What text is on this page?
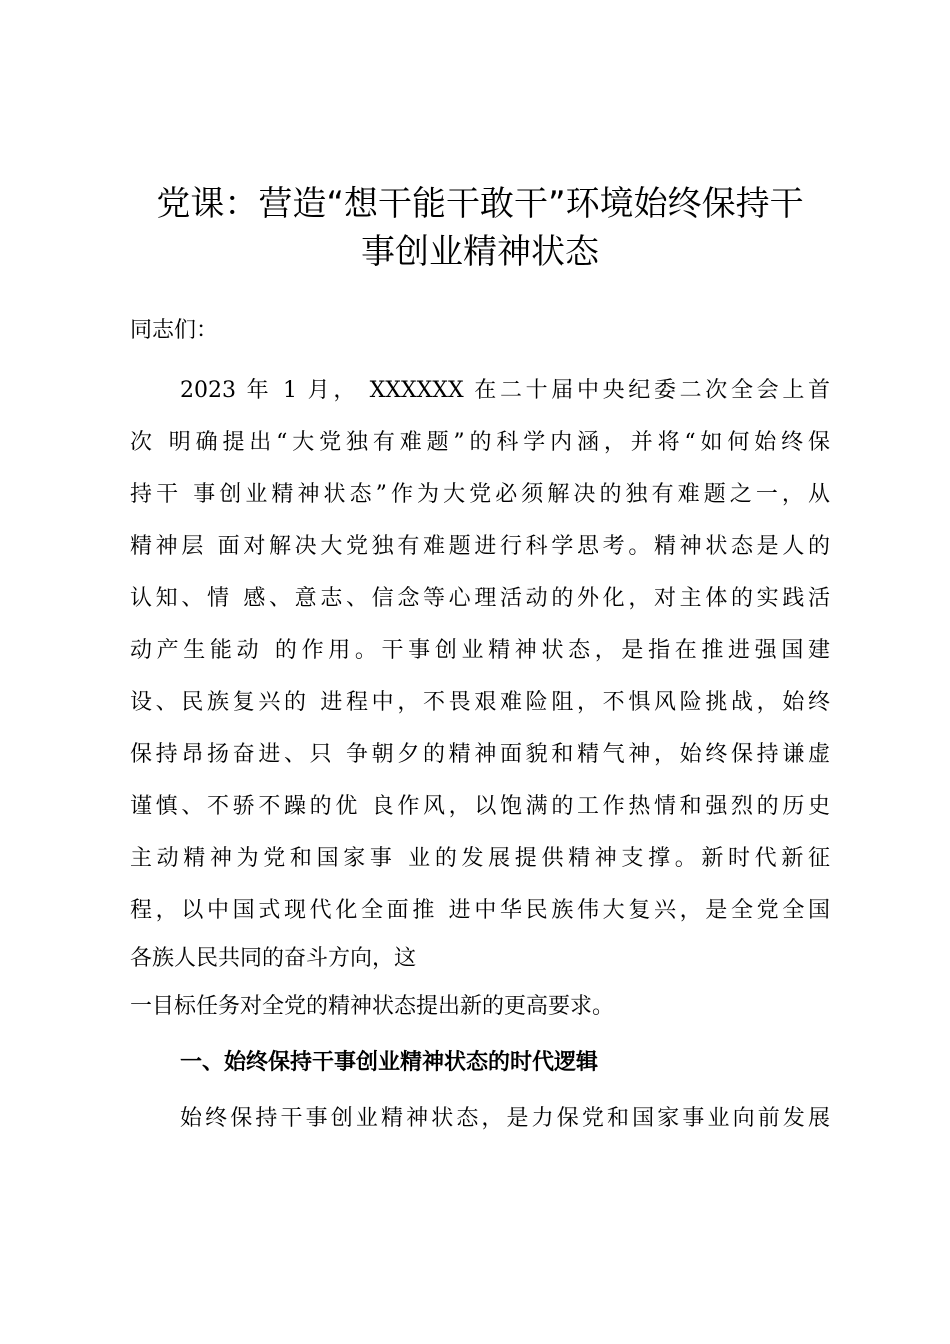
党课：营造“想干能干敢干”环境始终保持干
事创业精神状态

同志们：

2023 年 1 月， XXXXXX 在二十届中央纪委二次全会上首

次 明确提出“大党独有难题”的科学内涵，并将“如何始终保

持干 事创业精神状态”作为大党必须解决的独有难题之一，从

精神层 面对解决大党独有难题进行科学思考。精神状态是人的

认知、情 感、意志、信念等心理活动的外化，对主体的实践活

动产生能动 的作用。干事创业精神状态，是指在推进强国建

设、民族复兴的 进程中，不畏艰难险阻，不惧风险挑战，始终

保持昂扬奋进、只 争朝夕的精神面貌和精气神，始终保持谦虚

谨慎、不骄不躁的优 良作风，以饱满的工作热情和强烈的历史

主动精神为党和国家事 业的发展提供精神支撑。新时代新征

程，以中国式现代化全面推 进中华民族伟大复兴，是全党全国

各族人民共同的奋斗方向，这

一目标任务对全党的精神状态提出新的更高要求。

一、始终保持干事创业精神状态的时代逻辑

始终保持干事创业精神状态，是力保党和国家事业向前发展
